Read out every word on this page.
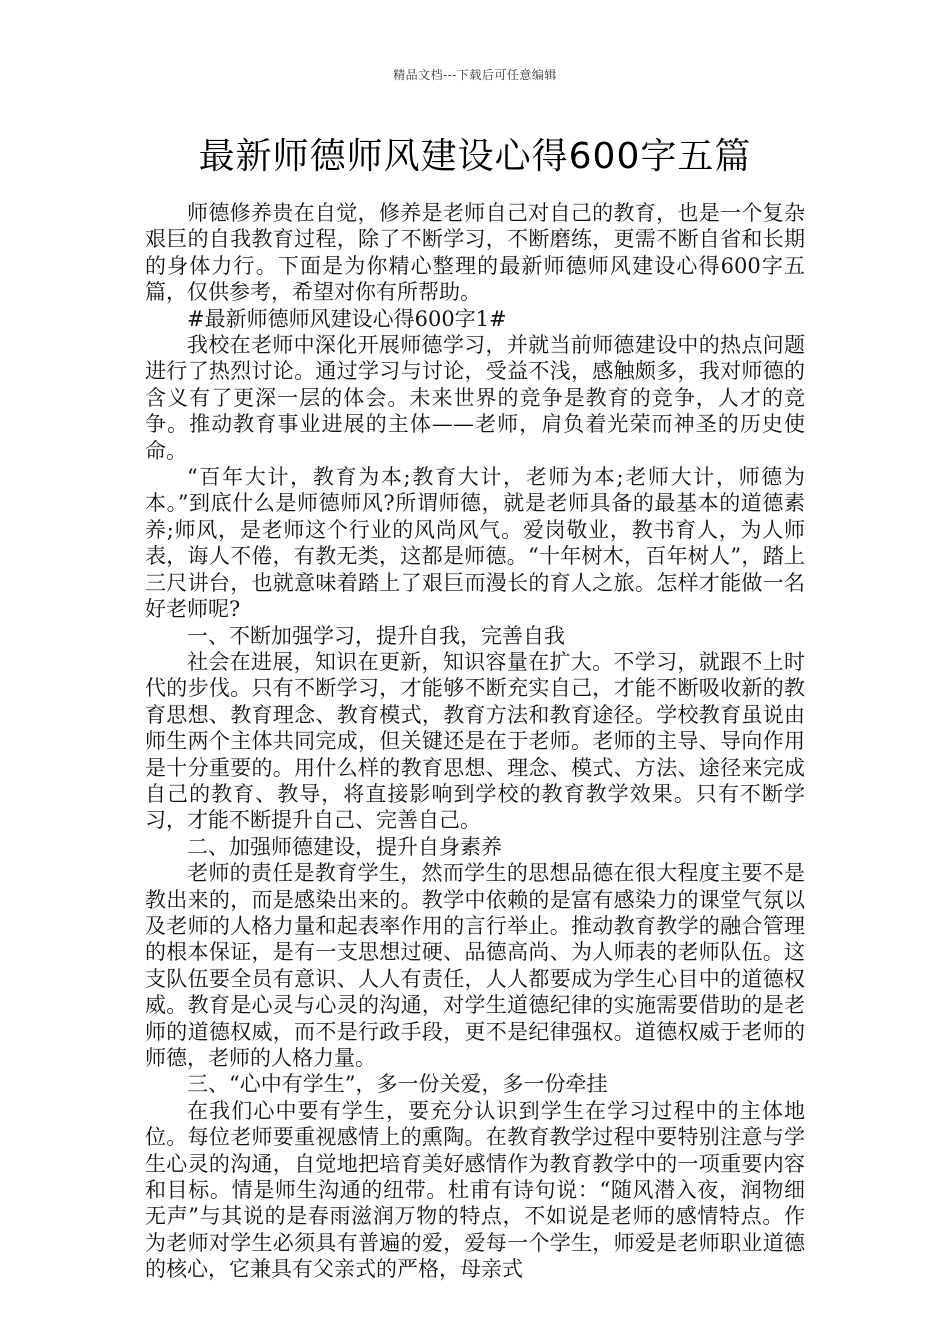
精品文档---下载后可任意编辑
最新师德师风建设心得600字五篇

师德修养贵在自觉，修养是老师自己对自己的教育，也是一个复杂艰巨的自我教育过程，除了不断学习，不断磨练，更需不断自省和长期的身体力行。下面是为你精心整理的最新师德师风建设心得600字五篇，仅供参考，希望对你有所帮助。

#最新师德师风建设心得600字1#

我校在老师中深化开展师德学习，并就当前师德建设中的热点问题进行了热烈讨论。通过学习与讨论，受益不浅，感触颇多，我对师德的含义有了更深一层的体会。未来世界的竞争是教育的竞争，人才的竞争。推动教育事业进展的主体——老师，肩负着光荣而神圣的历史使命。

“百年大计，教育为本;教育大计，老师为本;老师大计，师德为本。”到底什么是师德师风?所谓师德，就是老师具备的最基本的道德素养;师风，是老师这个行业的风尚风气。爱岗敬业，教书育人，为人师表，诲人不倦，有教无类，这都是师德。“十年树木，百年树人”，踏上三尺讲台，也就意味着踏上了艰巨而漫长的育人之旅。怎样才能做一名好老师呢?

一、不断加强学习，提升自我，完善自我

社会在进展，知识在更新，知识容量在扩大。不学习，就跟不上时代的步伐。只有不断学习，才能够不断充实自己，才能不断吸收新的教育思想、教育理念、教育模式，教育方法和教育途径。学校教育虽说由师生两个主体共同完成，但关键还是在于老师。老师的主导、导向作用是十分重要的。用什么样的教育思想、理念、模式、方法、途径来完成自己的教育、教导，将直接影响到学校的教育教学效果。只有不断学习，才能不断提升自己、完善自己。

二、加强师德建设，提升自身素养

老师的责任是教育学生，然而学生的思想品德在很大程度主要不是教出来的，而是感染出来的。教学中依赖的是富有感染力的课堂气氛以及老师的人格力量和起表率作用的言行举止。推动教育教学的融合管理的根本保证，是有一支思想过硬、品德高尚、为人师表的老师队伍。这支队伍要全员有意识、人人有责任，人人都要成为学生心目中的道德权威。教育是心灵与心灵的沟通，对学生道德纪律的实施需要借助的是老师的道德权威，而不是行政手段，更不是纪律强权。道德权威于老师的师德，老师的人格力量。

三、“心中有学生”，多一份关爱，多一份牵挂

在我们心中要有学生，要充分认识到学生在学习过程中的主体地位。每位老师要重视感情上的熏陶。在教育教学过程中要特别注意与学生心灵的沟通，自觉地把培育美好感情作为教育教学中的一项重要内容和目标。情是师生沟通的纽带。杜甫有诗句说：“随风潜入夜，润物细无声”与其说的是春雨滋润万物的特点，不如说是老师的感情特点。作为老师对学生必须具有普遍的爱，爱每一个学生，师爱是老师职业道德的核心，它兼具有父亲式的严格，母亲式
